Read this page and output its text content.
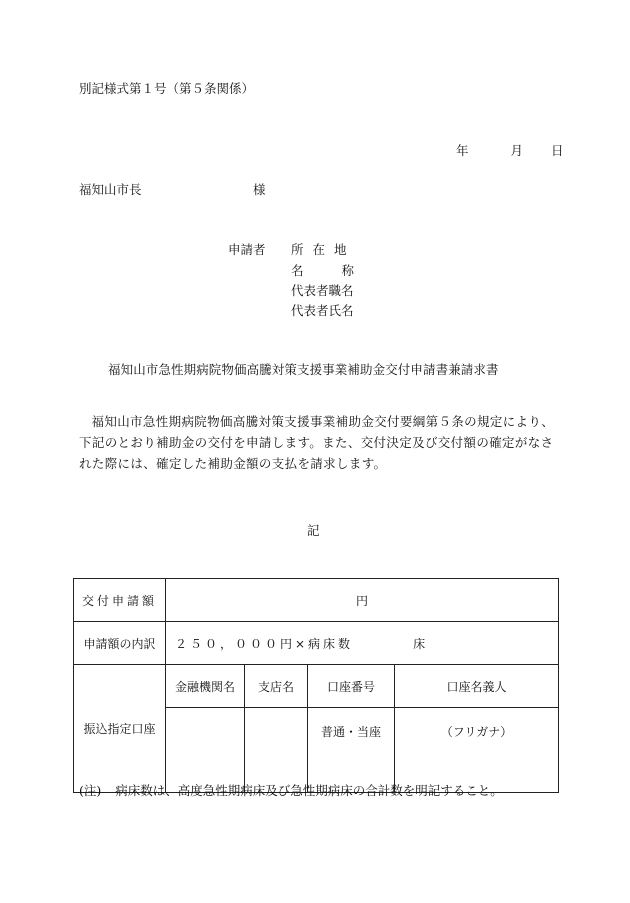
別記様式第１号（第５条関係）
年	月 日
福知山市長	様
申請者 所在地
名称
代表者職名
代表者氏名
福知山市急性期病院物価高騰対策支援事業補助金交付申請書兼請求書
福知山市急性期病院物価高騰対策支援事業補助金交付要綱第５条の規定により、下記のとおり補助金の交付を申請します。また、交付決定及び交付額の確定がなされた際には、確定した補助金額の支払を請求します。
記
交付申請額	円			
申請額の内訳	２５０，０００円×病床数 床			
振込指定口座	金融機関名	支店名	口座番号	口座名義人
			普通・当座	（フリガナ）
(注) 病床数は、高度急性期病床及び急性期病床の合計数を明記すること。
